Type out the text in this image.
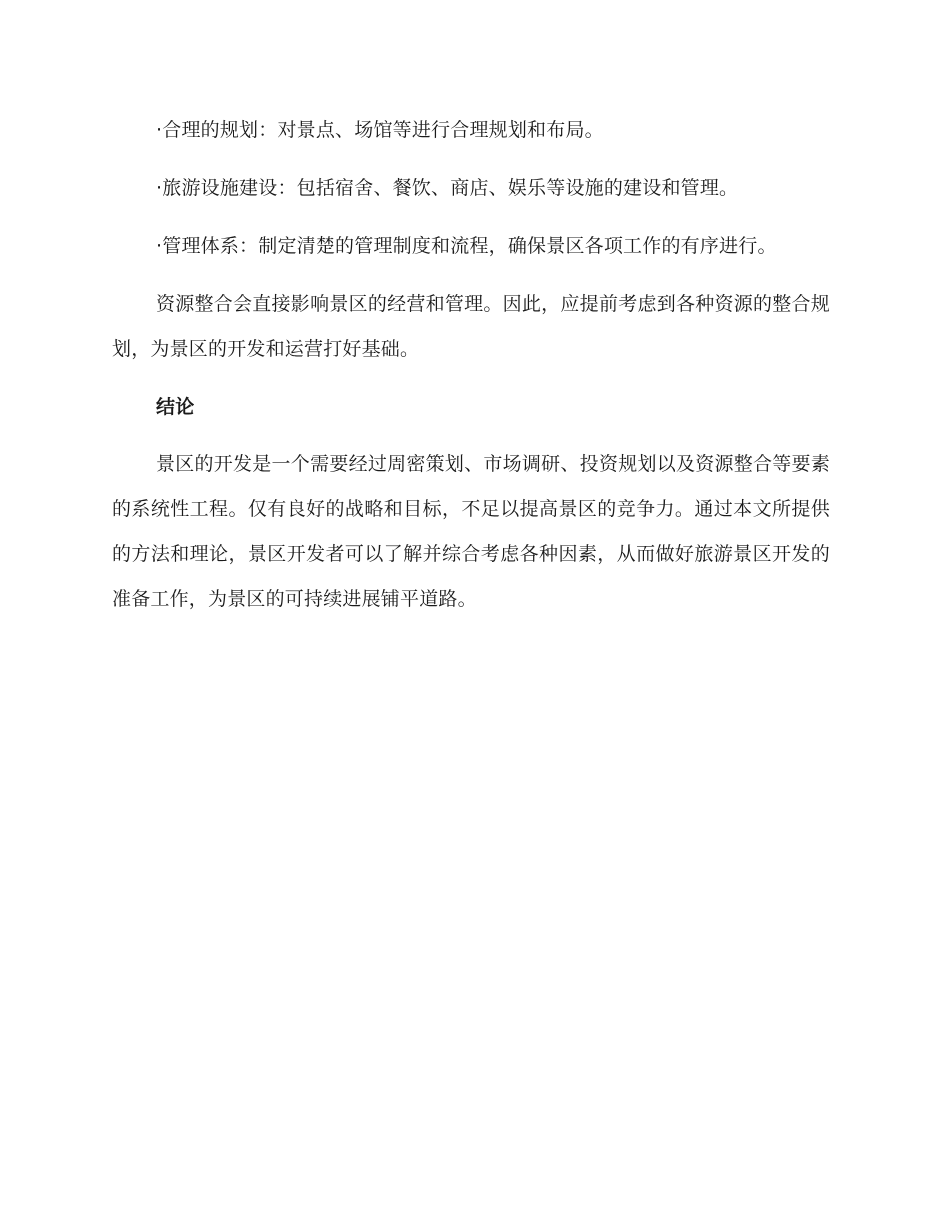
·合理的规划：对景点、场馆等进行合理规划和布局。

·旅游设施建设：包括宿舍、餐饮、商店、娱乐等设施的建设和管理。

·管理体系：制定清楚的管理制度和流程，确保景区各项工作的有序进行。

资源整合会直接影响景区的经营和管理。因此，应提前考虑到各种资源的整合规划，为景区的开发和运营打好基础。

结论

景区的开发是一个需要经过周密策划、市场调研、投资规划以及资源整合等要素的系统性工程。仅有良好的战略和目标，不足以提高景区的竞争力。通过本文所提供的方法和理论，景区开发者可以了解并综合考虑各种因素，从而做好旅游景区开发的准备工作，为景区的可持续进展铺平道路。
